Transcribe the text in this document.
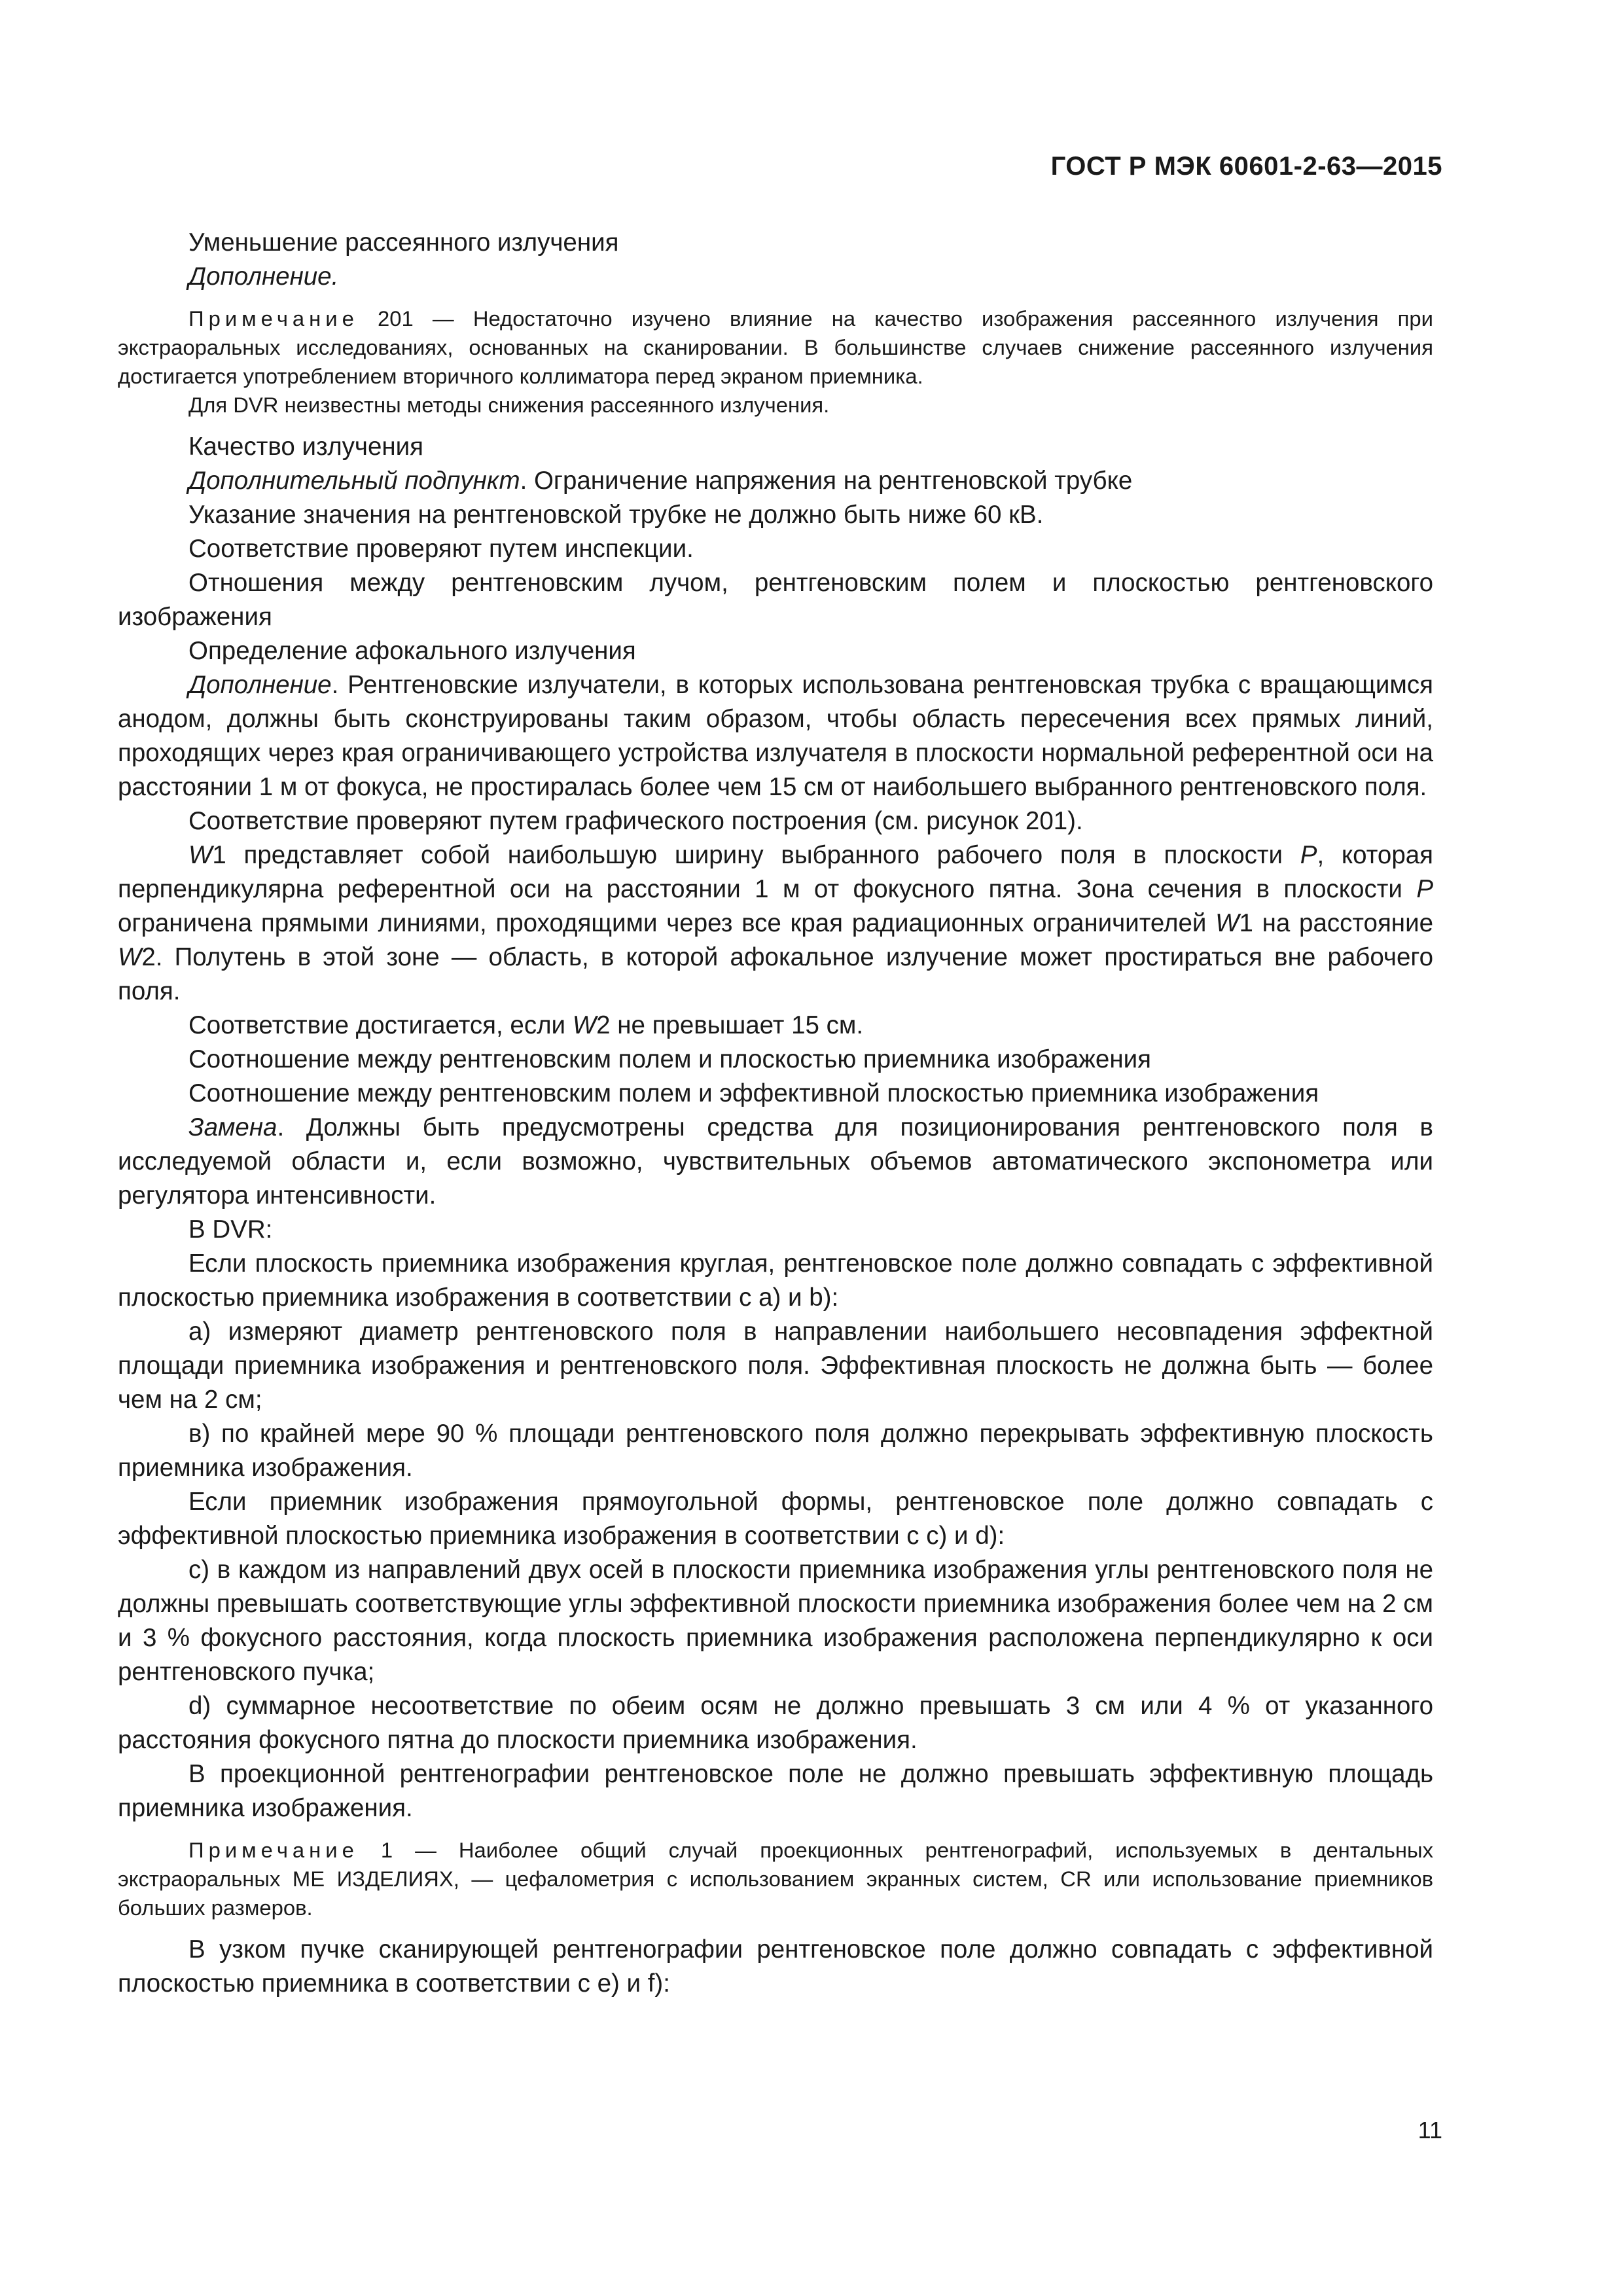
ГОСТ Р МЭК 60601-2-63—2015

Уменьшение рассеянного излучения

Дополнение.

Примечание 201 — Недостаточно изучено влияние на качество изображения рассеянного излучения при экстраоральных исследованиях, основанных на сканировании. В большинстве случаев снижение рассеянного излучения достигается употреблением вторичного коллиматора перед экраном приемника.

Для DVR неизвестны методы снижения рассеянного излучения.

Качество излучения

Дополнительный подпункт. Ограничение напряжения на рентгеновской трубке

Указание значения на рентгеновской трубке не должно быть ниже 60 кВ.

Соответствие проверяют путем инспекции.

Отношения между рентгеновским лучом, рентгеновским полем и плоскостью рентгеновского изображения

Определение афокального излучения

Дополнение. Рентгеновские излучатели, в которых использована рентгеновская трубка с вращающимся анодом, должны быть сконструированы таким образом, чтобы область пересечения всех прямых линий, проходящих через края ограничивающего устройства излучателя в плоскости нормальной референтной оси на расстоянии 1 м от фокуса, не простиралась более чем 15 см от наибольшего выбранного рентгеновского поля.

Соответствие проверяют путем графического построения (см. рисунок 201).

W1 представляет собой наибольшую ширину выбранного рабочего поля в плоскости P, которая перпендикулярна референтной оси на расстоянии 1 м от фокусного пятна. Зона сечения в плоскости P ограничена прямыми линиями, проходящими через все края радиационных ограничителей W1 на расстояние W2. Полутень в этой зоне — область, в которой афокальное излучение может простираться вне рабочего поля.

Соответствие достигается, если W2 не превышает 15 см.

Соотношение между рентгеновским полем и плоскостью приемника изображения

Соотношение между рентгеновским полем и эффективной плоскостью приемника изображения

Замена. Должны быть предусмотрены средства для позиционирования рентгеновского поля в исследуемой области и, если возможно, чувствительных объемов автоматического экспонометра или регулятора интенсивности.

В DVR:

Если плоскость приемника изображения круглая, рентгеновское поле должно совпадать с эффективной плоскостью приемника изображения в соответствии с а) и b):

а) измеряют диаметр рентгеновского поля в направлении наибольшего несовпадения эффектной площади приемника изображения и рентгеновского поля. Эффективная плоскость не должна быть — более чем на 2 см;

в) по крайней мере 90 % площади рентгеновского поля должно перекрывать эффективную плоскость приемника изображения.

Если приемник изображения прямоугольной формы, рентгеновское поле должно совпадать с эффективной плоскостью приемника изображения в соответствии с с) и d):

с) в каждом из направлений двух осей в плоскости приемника изображения углы рентгеновского поля не должны превышать соответствующие углы эффективной плоскости приемника изображения более чем на 2 см и 3 % фокусного расстояния, когда плоскость приемника изображения расположена перпендикулярно к оси рентгеновского пучка;

d) суммарное несоответствие по обеим осям не должно превышать 3 см или 4 % от указанного расстояния фокусного пятна до плоскости приемника изображения.

В проекционной рентгенографии рентгеновское поле не должно превышать эффективную площадь приемника изображения.

Примечание 1 — Наиболее общий случай проекционных рентгенографий, используемых в дентальных экстраоральных МЕ ИЗДЕЛИЯХ, — цефалометрия с использованием экранных систем, CR или использование приемников больших размеров.

В узком пучке сканирующей рентгенографии рентгеновское поле должно совпадать с эффективной плоскостью приемника в соответствии с е) и f):

11
